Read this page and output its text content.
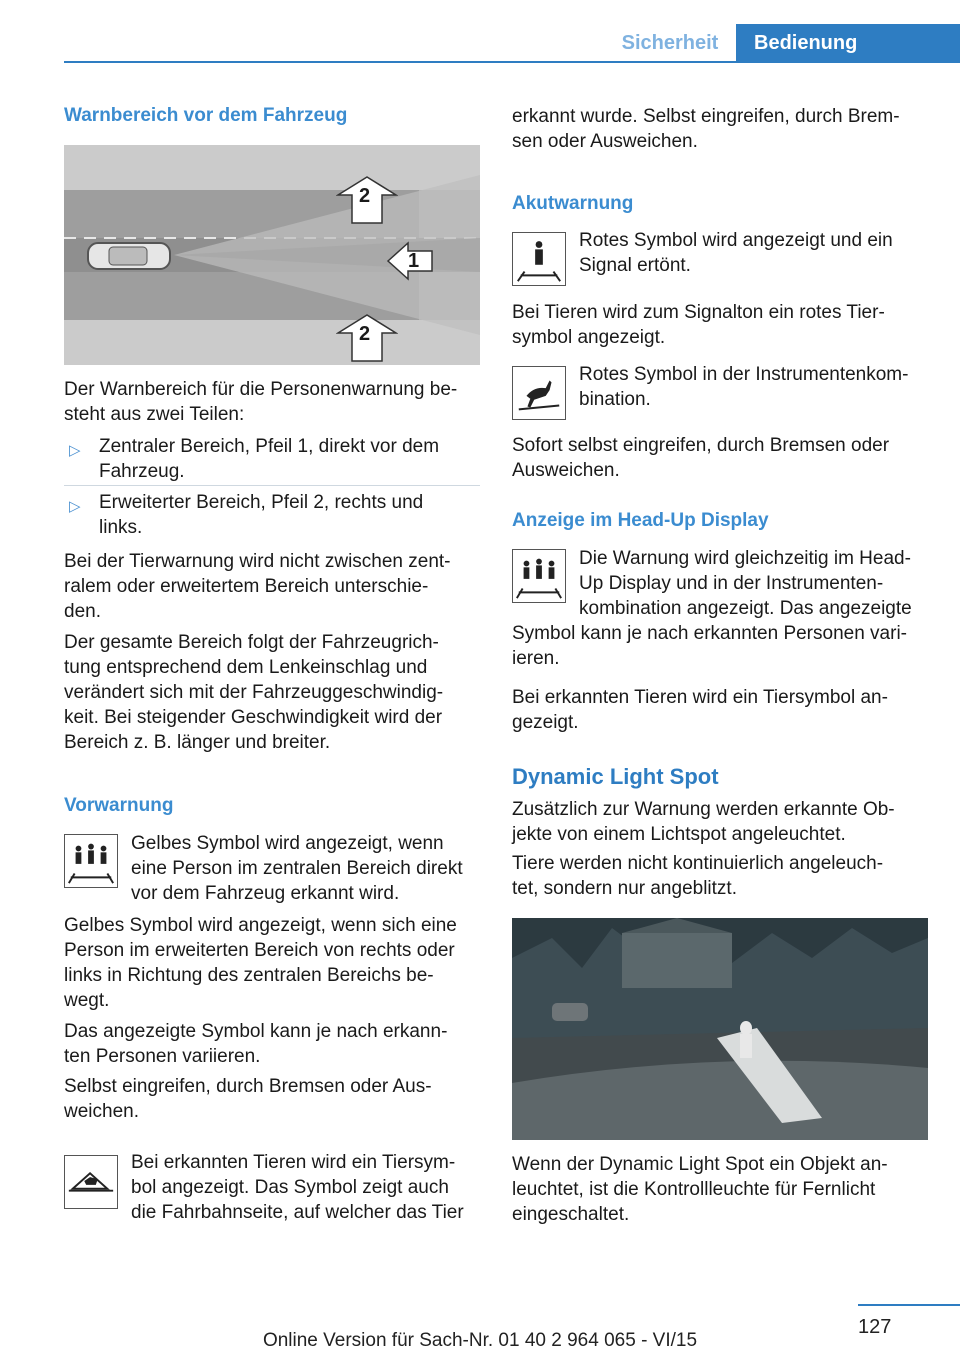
Sicherheit	Bedienung
Warnbereich vor dem Fahrzeug
2
1
2

Der Warnbereich für die Personenwarnung be-
steht aus zwei Teilen:

▷ Zentraler Bereich, Pfeil 1, direkt vor dem
Fahrzeug.

▷ Erweiterter Bereich, Pfeil 2, rechts und
links.

Bei der Tierwarnung wird nicht zwischen zent-
ralem oder erweitertem Bereich unterschie-
den.

Der gesamte Bereich folgt der Fahrzeugrich-
tung entsprechend dem Lenkeinschlag und
verändert sich mit der Fahrzeuggeschwindig-
keit. Bei steigender Geschwindigkeit wird der
Bereich z. B. länger und breiter.

Vorwarnung

Gelbes Symbol wird angezeigt, wenn
eine Person im zentralen Bereich direkt
vor dem Fahrzeug erkannt wird.

Gelbes Symbol wird angezeigt, wenn sich eine
Person im erweiterten Bereich von rechts oder
links in Richtung des zentralen Bereichs be-
wegt.

Das angezeigte Symbol kann je nach erkann-
ten Personen variieren.

Selbst eingreifen, durch Bremsen oder Aus-
weichen.

Bei erkannten Tieren wird ein Tiersym-
bol angezeigt. Das Symbol zeigt auch
die Fahrbahnseite, auf welcher das Tier

erkannt wurde. Selbst eingreifen, durch Brem-
sen oder Ausweichen.

Akutwarnung

Rotes Symbol wird angezeigt und ein
Signal ertönt.

Bei Tieren wird zum Signalton ein rotes Tier-
symbol angezeigt.

Rotes Symbol in der Instrumentenkom-
bination.

Sofort selbst eingreifen, durch Bremsen oder
Ausweichen.

Anzeige im Head-Up Display

Die Warnung wird gleichzeitig im Head-
Up Display und in der Instrumenten-
kombination angezeigt. Das angezeigte

Symbol kann je nach erkannten Personen vari-
ieren.

Bei erkannten Tieren wird ein Tiersymbol an-
gezeigt.

Dynamic Light Spot

Zusätzlich zur Warnung werden erkannte Ob-
jekte von einem Lichtspot angeleuchtet.

Tiere werden nicht kontinuierlich angeleuch-
tet, sondern nur angeblitzt.

Wenn der Dynamic Light Spot ein Objekt an-
leuchtet, ist die Kontrollleuchte für Fernlicht
eingeschaltet.

127
Online Version für Sach-Nr. 01 40 2 964 065 - VI/15
